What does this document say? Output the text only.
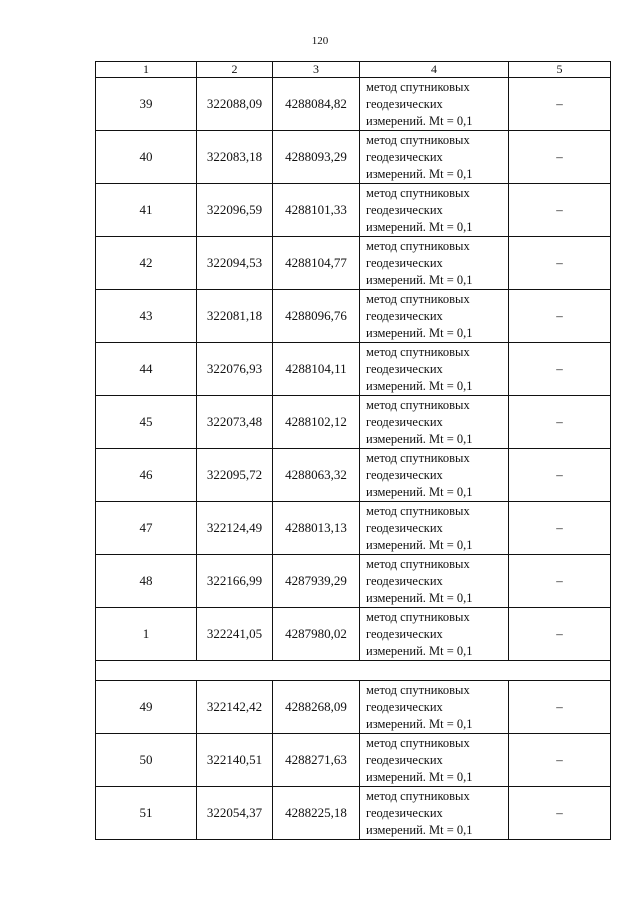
120
1	2	3	4	5
39	322088,09	4288084,82	метод спутниковых
геодезических
измерений. Mt = 0,1	–
40	322083,18	4288093,29	метод спутниковых
геодезических
измерений. Mt = 0,1	–
41	322096,59	4288101,33	метод спутниковых
геодезических
измерений. Mt = 0,1	–
42	322094,53	4288104,77	метод спутниковых
геодезических
измерений. Mt = 0,1	–
43	322081,18	4288096,76	метод спутниковых
геодезических
измерений. Mt = 0,1	–
44	322076,93	4288104,11	метод спутниковых
геодезических
измерений. Mt = 0,1	–
45	322073,48	4288102,12	метод спутниковых
геодезических
измерений. Mt = 0,1	–
46	322095,72	4288063,32	метод спутниковых
геодезических
измерений. Mt = 0,1	–
47	322124,49	4288013,13	метод спутниковых
геодезических
измерений. Mt = 0,1	–
48	322166,99	4287939,29	метод спутниковых
геодезических
измерений. Mt = 0,1	–
1	322241,05	4287980,02	метод спутниковых
геодезических
измерений. Mt = 0,1	–

49	322142,42	4288268,09	метод спутниковых
геодезических
измерений. Mt = 0,1	–
50	322140,51	4288271,63	метод спутниковых
геодезических
измерений. Mt = 0,1	–
51	322054,37	4288225,18	метод спутниковых
геодезических
измерений. Mt = 0,1	–
